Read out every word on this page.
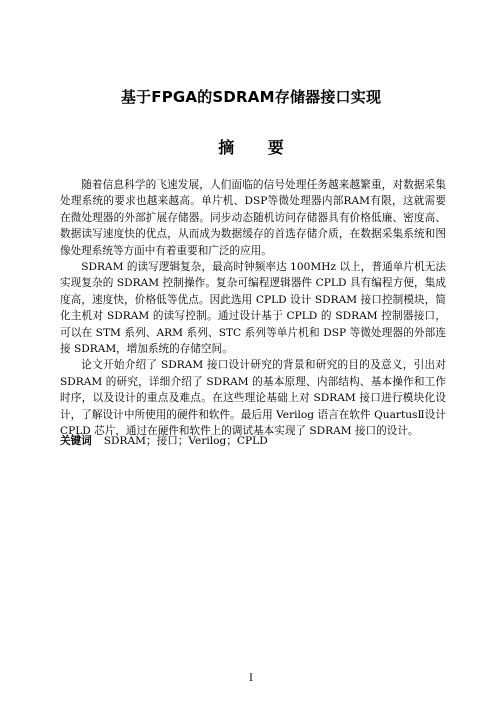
基于FPGA的SDRAM存储器接口实现
摘 要

随着信息科学的飞速发展，人们面临的信号处理任务越来越繁重，对数据采集处理系统的要求也越来越高。单片机、DSP等微处理器内部RAM有限，这就需要在微处理器的外部扩展存储器。同步动态随机访问存储器具有价格低廉、密度高、数据读写速度快的优点，从而成为数据缓存的首选存储介质，在数据采集系统和图像处理系统等方面中有着重要和广泛的应用。

SDRAM 的读写逻辑复杂，最高时钟频率达 100MHz 以上，普通单片机无法实现复杂的 SDRAM 控制操作。复杂可编程逻辑器件 CPLD 具有编程方便，集成度高，速度快，价格低等优点。因此选用 CPLD 设计 SDRAM 接口控制模块，简化主机对 SDRAM 的读写控制。通过设计基于 CPLD 的 SDRAM 控制器接口，可以在 STM 系列、ARM 系列、STC 系列等单片机和 DSP 等微处理器的外部连接 SDRAM，增加系统的存储空间。

论文开始介绍了 SDRAM 接口设计研究的背景和研究的目的及意义，引出对 SDRAM 的研究，详细介绍了 SDRAM 的基本原理、内部结构、基本操作和工作时序，以及设计的重点及难点。在这些理论基础上对 SDRAM 接口进行模块化设计，了解设计中所使用的硬件和软件。最后用 Verilog 语言在软件 QuartusⅡ设计 CPLD 芯片，通过在硬件和软件上的调试基本实现了 SDRAM 接口的设计。

关键词 SDRAM；接口；Verilog；CPLD
I
